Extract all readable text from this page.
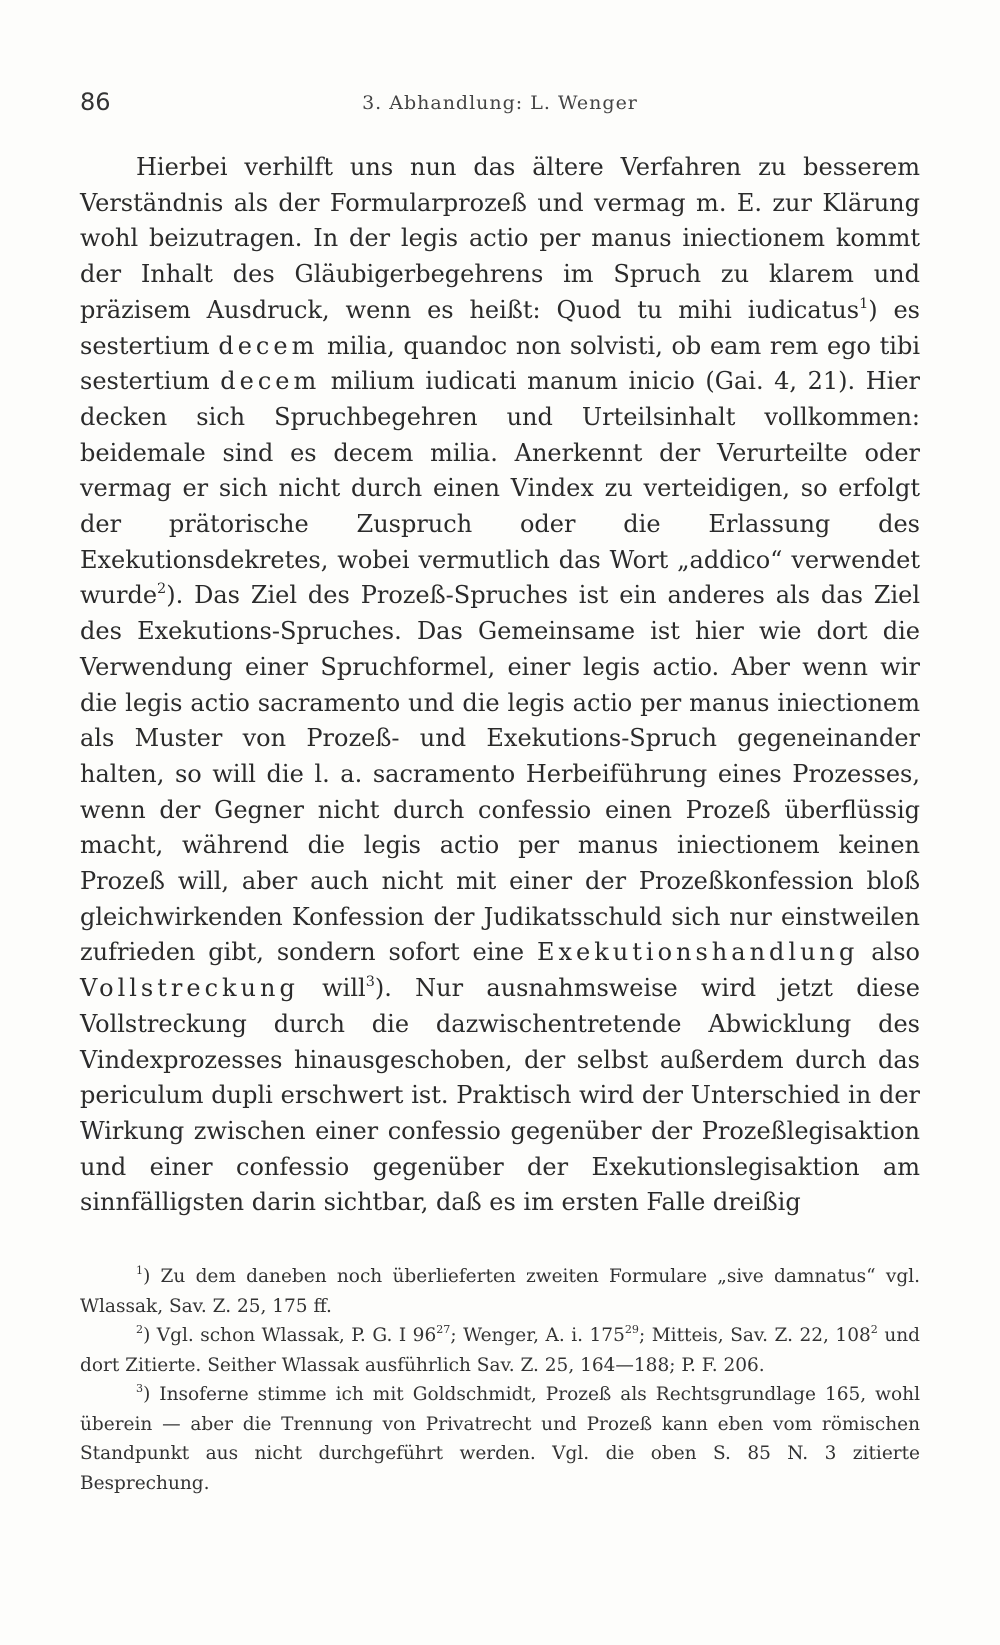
86	3. Abhandlung: L. Wenger

Hierbei verhilft uns nun das ältere Verfahren zu besserem Verständnis als der Formularprozeß und vermag m. E. zur Klärung wohl beizutragen. In der legis actio per manus iniectionem kommt der Inhalt des Gläubigerbegehrens im Spruch zu klarem und präzisem Ausdruck, wenn es heißt: Quod tu mihi iudicatus$^1$) es sestertium decem milia, quandoc non solvisti, ob eam rem ego tibi sestertium decem milium iudicati manum inicio (Gai. 4, 21). Hier decken sich Spruchbegehren und Urteilsinhalt vollkommen: beidemale sind es decem milia. Anerkennt der Verurteilte oder vermag er sich nicht durch einen Vindex zu verteidigen, so erfolgt der prätorische Zuspruch oder die Erlassung des Exekutionsdekretes, wobei vermutlich das Wort „addico“ verwendet wurde$^2$). Das Ziel des Prozeß-Spruches ist ein anderes als das Ziel des Exekutions-Spruches. Das Gemeinsame ist hier wie dort die Verwendung einer Spruchformel, einer legis actio. Aber wenn wir die legis actio sacramento und die legis actio per manus iniectionem als Muster von Prozeß- und Exekutions-Spruch gegeneinander halten, so will die l. a. sacramento Herbeiführung eines Prozesses, wenn der Gegner nicht durch confessio einen Prozeß überflüssig macht, während die legis actio per manus iniectionem keinen Prozeß will, aber auch nicht mit einer der Prozeßkonfession bloß gleichwirkenden Konfession der Judikatsschuld sich nur einstweilen zufrieden gibt, sondern sofort eine Exekutionshandlung also Vollstreckung will$^3$). Nur ausnahmsweise wird jetzt diese Vollstreckung durch die dazwischentretende Abwicklung des Vindexprozesses hinausgeschoben, der selbst außerdem durch das periculum dupli erschwert ist. Praktisch wird der Unterschied in der Wirkung zwischen einer confessio gegenüber der Prozeßlegisaktion und einer confessio gegenüber der Exekutionslegisaktion am sinnfälligsten darin sichtbar, daß es im ersten Falle dreißig

$^1$) Zu dem daneben noch überlieferten zweiten Formulare „sive damnatus“ vgl. Wlassak, Sav. Z. 25, 175 ff.

$^2$) Vgl. schon Wlassak, P. G. I $96^{27}$; Wenger, A. i. $175^{29}$; Mitteis, Sav. Z. 22, $108^2$ und dort Zitierte. Seither Wlassak ausführlich Sav. Z. 25, 164—188; P. F. 206.

$^3$) Insoferne stimme ich mit Goldschmidt, Prozeß als Rechtsgrundlage 165, wohl überein — aber die Trennung von Privatrecht und Prozeß kann eben vom römischen Standpunkt aus nicht durchgeführt werden. Vgl. die oben S. 85 N. 3 zitierte Besprechung.
